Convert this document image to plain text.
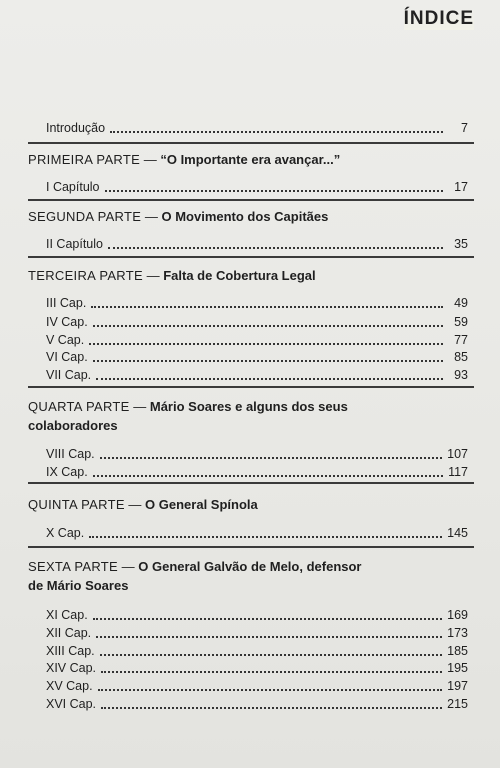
ÍNDICE
Introdução	7
PRIMEIRA PARTE — “O Importante era avançar...”
I Capítulo	17
SEGUNDA PARTE — O Movimento dos Capitães
II Capítulo	35
TERCEIRA PARTE — Falta de Cobertura Legal
III Cap.	49
IV Cap.	59
V Cap.	77
VI Cap.	85
VII Cap.	93
QUARTA PARTE — Mário Soares e alguns dos seus
colaboradores
VIII Cap.	107
IX Cap.	117
QUINTA PARTE — O General Spínola
X Cap.	145
SEXTA PARTE — O General Galvão de Melo, defensor
de Mário Soares
XI Cap.	169
XII Cap.	173
XIII Cap.	185
XIV Cap.	195
XV Cap.	197
XVI Cap.	215
